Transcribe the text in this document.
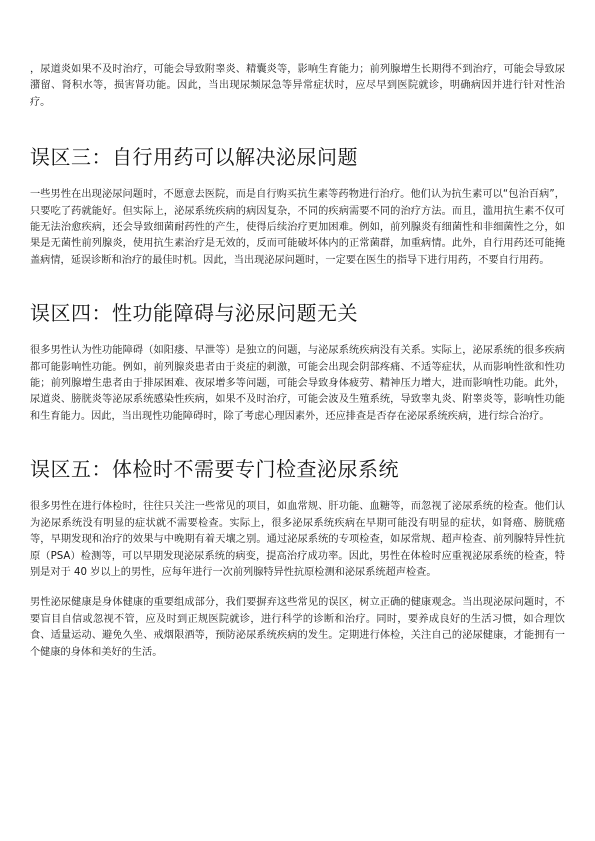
，尿道炎如果不及时治疗，可能会导致附睾炎、精囊炎等，影响生育能力；前列腺增生长期得不到治疗，可能会导致尿潴留、肾积水等，损害肾功能。因此，当出现尿频尿急等异常症状时，应尽早到医院就诊，明确病因并进行针对性治疗。

误区三：自行用药可以解决泌尿问题

一些男性在出现泌尿问题时，不愿意去医院，而是自行购买抗生素等药物进行治疗。他们认为抗生素可以“包治百病”，只要吃了药就能好。但实际上，泌尿系统疾病的病因复杂，不同的疾病需要不同的治疗方法。而且，滥用抗生素不仅可能无法治愈疾病，还会导致细菌耐药性的产生，使得后续治疗更加困难。例如，前列腺炎有细菌性和非细菌性之分，如果是无菌性前列腺炎，使用抗生素治疗是无效的，反而可能破坏体内的正常菌群，加重病情。此外，自行用药还可能掩盖病情，延误诊断和治疗的最佳时机。因此，当出现泌尿问题时，一定要在医生的指导下进行用药，不要自行用药。

误区四：性功能障碍与泌尿问题无关

很多男性认为性功能障碍（如阳痿、早泄等）是独立的问题，与泌尿系统疾病没有关系。实际上，泌尿系统的很多疾病都可能影响性功能。例如，前列腺炎患者由于炎症的刺激，可能会出现会阴部疼痛、不适等症状，从而影响性欲和性功能；前列腺增生患者由于排尿困难、夜尿增多等问题，可能会导致身体疲劳、精神压力增大，进而影响性功能。此外，尿道炎、膀胱炎等泌尿系统感染性疾病，如果不及时治疗，可能会波及生殖系统，导致睾丸炎、附睾炎等，影响性功能和生育能力。因此，当出现性功能障碍时，除了考虑心理因素外，还应排查是否存在泌尿系统疾病，进行综合治疗。

误区五：体检时不需要专门检查泌尿系统

很多男性在进行体检时，往往只关注一些常见的项目，如血常规、肝功能、血糖等，而忽视了泌尿系统的检查。他们认为泌尿系统没有明显的症状就不需要检查。实际上，很多泌尿系统疾病在早期可能没有明显的症状，如肾癌、膀胱癌等，早期发现和治疗的效果与中晚期有着天壤之别。通过泌尿系统的专项检查，如尿常规、超声检查、前列腺特异性抗原（PSA）检测等，可以早期发现泌尿系统的病变，提高治疗成功率。因此，男性在体检时应重视泌尿系统的检查，特别是对于 40 岁以上的男性，应每年进行一次前列腺特异性抗原检测和泌尿系统超声检查。

男性泌尿健康是身体健康的重要组成部分，我们要摒弃这些常见的误区，树立正确的健康观念。当出现泌尿问题时，不要盲目自信或忽视不管，应及时到正规医院就诊，进行科学的诊断和治疗。同时，要养成良好的生活习惯，如合理饮食、适量运动、避免久坐、戒烟限酒等，预防泌尿系统疾病的发生。定期进行体检，关注自己的泌尿健康，才能拥有一个健康的身体和美好的生活。
